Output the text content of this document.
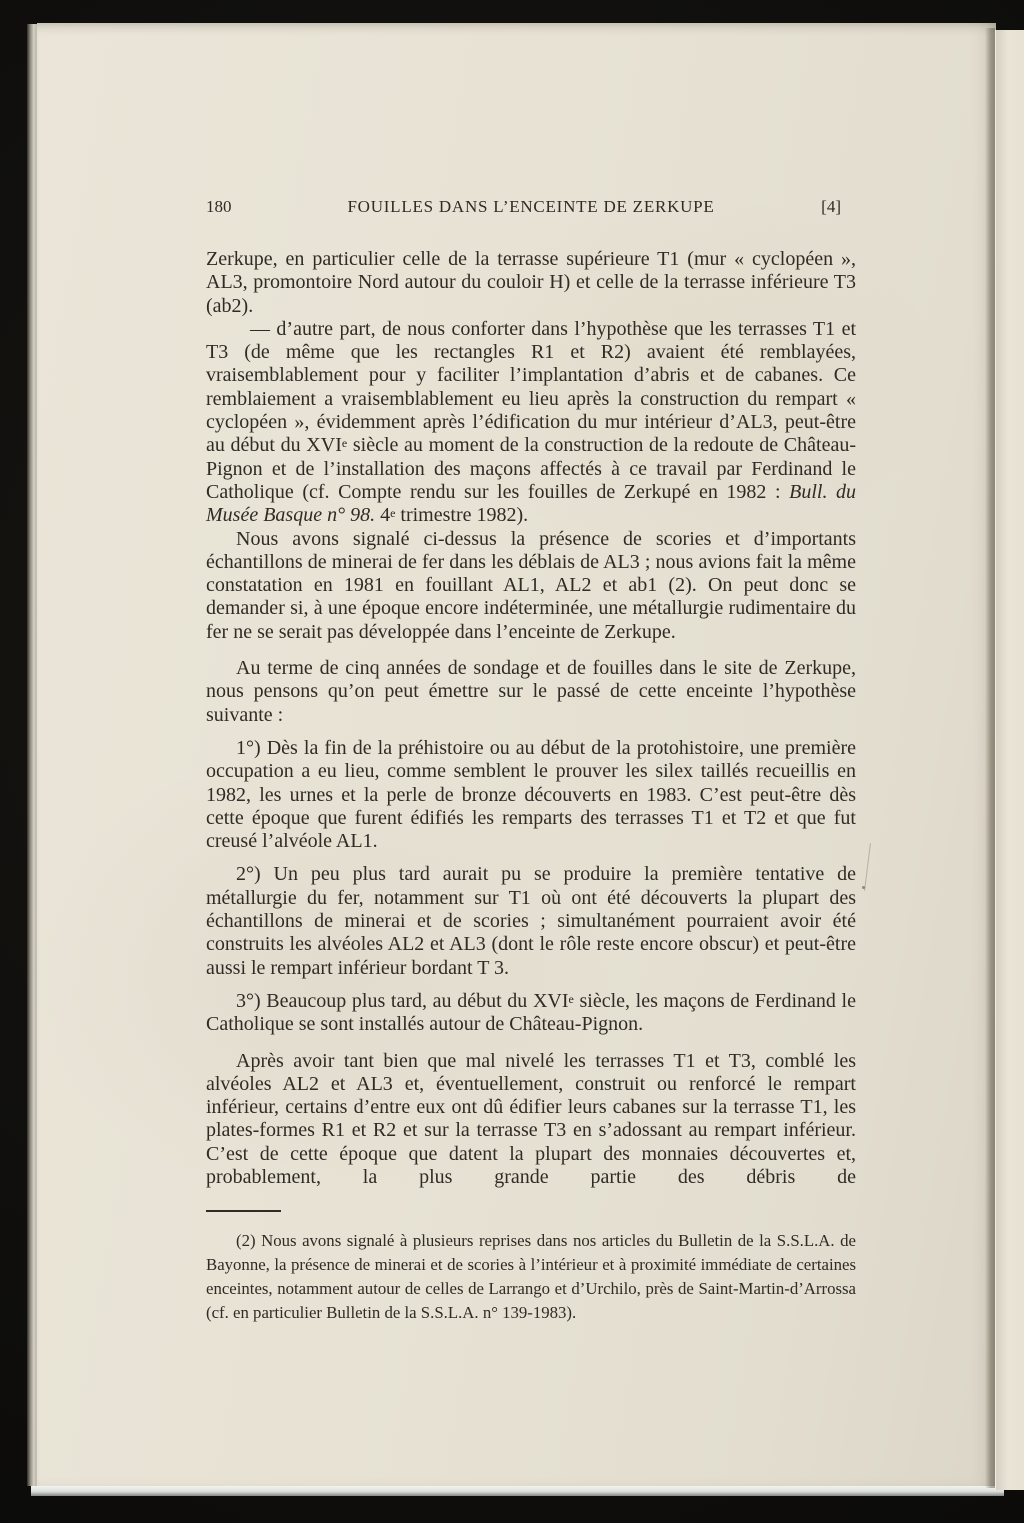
180	FOUILLES DANS L’ENCEINTE DE ZERKUPE	[4]

Zerkupe, en particulier celle de la terrasse supérieure T1 (mur « cyclopéen », AL3, promontoire Nord autour du couloir H) et celle de la terrasse inférieure T3 (ab2).

— d’autre part, de nous conforter dans l’hypothèse que les terrasses T1 et T3 (de même que les rectangles R1 et R2) avaient été remblayées, vraisemblablement pour y faciliter l’implantation d’abris et de cabanes. Ce remblaiement a vraisemblablement eu lieu après la construction du rempart « cyclopéen », évidemment après l’édification du mur intérieur d’AL3, peut-être au début du XVIe siècle au moment de la construction de la redoute de Château-Pignon et de l’installation des maçons affectés à ce travail par Ferdinand le Catholique (cf. Compte rendu sur les fouilles de Zerkupé en 1982 : Bull. du Musée Basque n° 98. 4e trimestre 1982).

Nous avons signalé ci-dessus la présence de scories et d’importants échantillons de minerai de fer dans les déblais de AL3 ; nous avions fait la même constatation en 1981 en fouillant AL1, AL2 et ab1 (2). On peut donc se demander si, à une époque encore indéterminée, une métallurgie rudimentaire du fer ne se serait pas développée dans l’enceinte de Zerkupe.

Au terme de cinq années de sondage et de fouilles dans le site de Zerkupe, nous pensons qu’on peut émettre sur le passé de cette enceinte l’hypothèse suivante :

1°) Dès la fin de la préhistoire ou au début de la protohistoire, une première occupation a eu lieu, comme semblent le prouver les silex taillés recueillis en 1982, les urnes et la perle de bronze découverts en 1983. C’est peut-être dès cette époque que furent édifiés les remparts des terrasses T1 et T2 et que fut creusé l’alvéole AL1.

2°) Un peu plus tard aurait pu se produire la première tentative de métallurgie du fer, notamment sur T1 où ont été découverts la plupart des échantillons de minerai et de scories ; simultanément pourraient avoir été construits les alvéoles AL2 et AL3 (dont le rôle reste encore obscur) et peut-être aussi le rempart inférieur bordant T 3.

3°) Beaucoup plus tard, au début du XVIe siècle, les maçons de Ferdinand le Catholique se sont installés autour de Château-Pignon.

Après avoir tant bien que mal nivelé les terrasses T1 et T3, comblé les alvéoles AL2 et AL3 et, éventuellement, construit ou renforcé le rempart inférieur, certains d’entre eux ont dû édifier leurs cabanes sur la terrasse T1, les plates-formes R1 et R2 et sur la terrasse T3 en s’adossant au rempart inférieur. C’est de cette époque que datent la plupart des monnaies découvertes et, probablement, la plus grande partie des débris de

(2) Nous avons signalé à plusieurs reprises dans nos articles du Bulletin de la S.S.L.A. de Bayonne, la présence de minerai et de scories à l’intérieur et à proximité immédiate de certaines enceintes, notamment autour de celles de Larrango et d’Urchilo, près de Saint-Martin-d’Arrossa (cf. en particulier Bulletin de la S.S.L.A. n° 139-1983).
